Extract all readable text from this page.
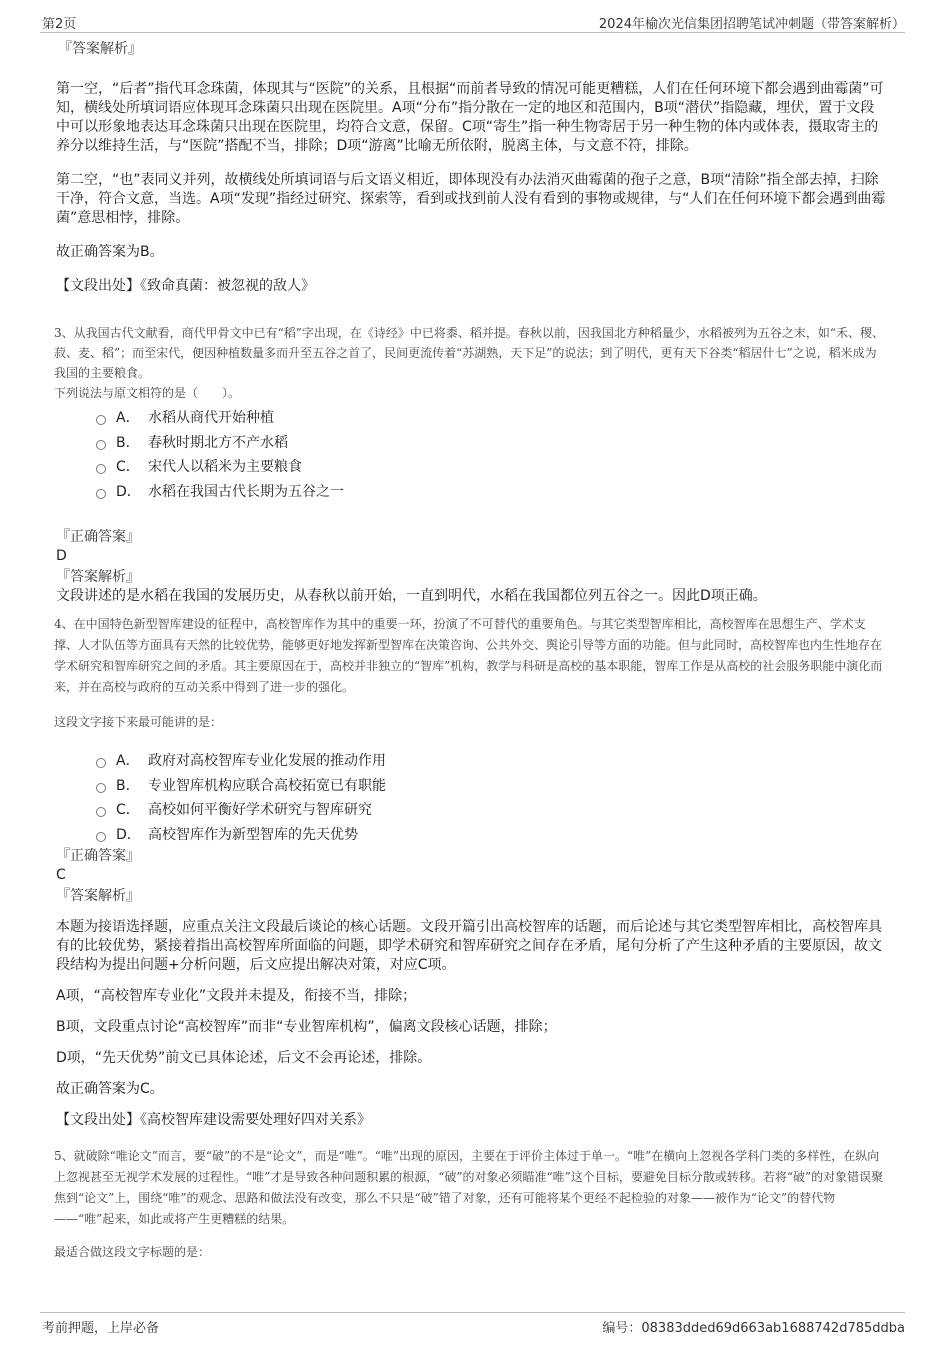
第2页	2024年榆次光信集团招聘笔试冲刺题（带答案解析）
『答案解析』
第一空，“后者”指代耳念珠菌，体现其与“医院”的关系，且根据“而前者导致的情况可能更糟糕，人们在任何环境下都会遇到曲霉菌”可知，横线处所填词语应体现耳念珠菌只出现在医院里。A项“分布”指分散在一定的地区和范围内，B项“潜伏”指隐藏，埋伏，置于文段中可以形象地表达耳念珠菌只出现在医院里，均符合文意，保留。C项“寄生”指一种生物寄居于另一种生物的体内或体表，摄取寄主的养分以维持生活，与“医院”搭配不当，排除；D项“游离”比喻无所依附，脱离主体，与文意不符，排除。
第二空，“也”表同义并列，故横线处所填词语与后文语义相近，即体现没有办法消灭曲霉菌的孢子之意，B项“清除”指全部去掉，扫除干净，符合文意，当选。A项“发现”指经过研究、探索等，看到或找到前人没有看到的事物或规律，与“人们在任何环境下都会遇到曲霉菌”意思相悖，排除。
故正确答案为B。
【文段出处】《致命真菌：被忽视的敌人》
3、从我国古代文献看，商代甲骨文中已有“稻”字出现，在《诗经》中已将黍、稻并提。春秋以前，因我国北方种稻量少，水稻被列为五谷之末，如“禾、稷、菽、麦、稻”；而至宋代，便因种植数量多而升至五谷之首了，民间更流传着“苏湖熟，天下足”的说法；到了明代，更有天下谷类“稻居什七”之说，稻米成为我国的主要粮食。
下列说法与原文相符的是（　　）。
A． 水稻从商代开始种植
B． 春秋时期北方不产水稻
C． 宋代人以稻米为主要粮食
D． 水稻在我国古代长期为五谷之一
『正确答案』
D
『答案解析』
文段讲述的是水稻在我国的发展历史，从春秋以前开始，一直到明代，水稻在我国都位列五谷之一。因此D项正确。
4、在中国特色新型智库建设的征程中，高校智库作为其中的重要一环，扮演了不可替代的重要角色。与其它类型智库相比，高校智库在思想生产、学术支撑、人才队伍等方面具有天然的比较优势，能够更好地发挥新型智库在决策咨询、公共外交、舆论引导等方面的功能。但与此同时，高校智库也内生性地存在学术研究和智库研究之间的矛盾。其主要原因在于，高校并非独立的“智库”机构，教学与科研是高校的基本职能，智库工作是从高校的社会服务职能中演化而来，并在高校与政府的互动关系中得到了进一步的强化。
这段文字接下来最可能讲的是：
A． 政府对高校智库专业化发展的推动作用
B． 专业智库机构应联合高校拓宽已有职能
C． 高校如何平衡好学术研究与智库研究
D． 高校智库作为新型智库的先天优势
『正确答案』
C
『答案解析』
本题为接语选择题，应重点关注文段最后谈论的核心话题。文段开篇引出高校智库的话题，而后论述与其它类型智库相比，高校智库具有的比较优势，紧接着指出高校智库所面临的问题，即学术研究和智库研究之间存在矛盾，尾句分析了产生这种矛盾的主要原因，故文段结构为提出问题+分析问题，后文应提出解决对策，对应C项。
A项，“高校智库专业化”文段并未提及，衔接不当，排除；
B项，文段重点讨论“高校智库”而非“专业智库机构”，偏离文段核心话题，排除；
D项，“先天优势”前文已具体论述，后文不会再论述，排除。
故正确答案为C。
【文段出处】《高校智库建设需要处理好四对关系》
5、就破除“唯论文”而言，要“破”的不是“论文”，而是“唯”。“唯”出现的原因，主要在于评价主体过于单一。“唯”在横向上忽视各学科门类的多样性，在纵向上忽视甚至无视学术发展的过程性。“唯”才是导致各种问题积累的根源，“破”的对象必须瞄准“唯”这个目标，要避免目标分散或转移。若将“破”的对象错误聚焦到“论文”上，围绕“唯”的观念、思路和做法没有改变，那么不只是“破”错了对象，还有可能将某个更经不起检验的对象——被作为“论文”的替代物——“唯”起来，如此或将产生更糟糕的结果。
最适合做这段文字标题的是：
考前押题，上岸必备	编号：08383dded69d663ab1688742d785ddba
